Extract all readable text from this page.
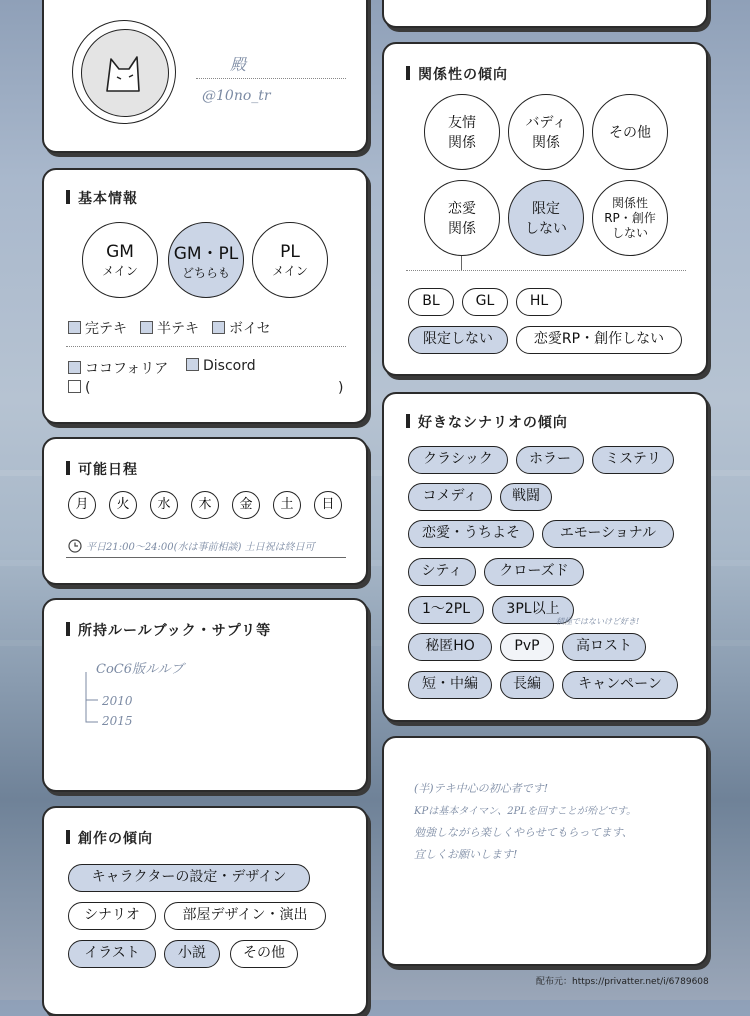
殿
@10no_tr
基本情報
GM
メイン
GM・PL
どちらも
PL
メイン
完テキ	半テキ	ボイセ
ココフォリア	Discord
(	)
可能日程
月	火	水	木	金	土	日
平日21:00〜24:00(水は事前相談) 土日祝は終日可
所持ルールブック・サプリ等
CoC6版ルルブ
2010
2015
創作の傾向
キャラクターの設定・デザイン
シナリオ	部屋デザイン・演出
イラスト	小説	その他
関係性の傾向
友情
関係
バディ
関係
その他
恋愛
関係
限定
しない
関係性
RP・創作
しない
BL	GL	HL
限定しない	恋愛RP・創作しない
好きなシナリオの傾向
クラシック	ホラー	ミステリ
コメディ	戦闘
恋愛・うちよそ	エモーショナル
シティ	クローズド
1〜2PL	3PL以上
積極ではないけど好き!
秘匿HO	PvP	高ロスト
短・中編	長編	キャンペーン
(半)テキ中心の初心者です!
KPは基本タイマン、2PLを回すことが殆どです。
勉強しながら楽しくやらせてもらってます、
宜しくお願いします!
配布元：https://privatter.net/i/6789608
